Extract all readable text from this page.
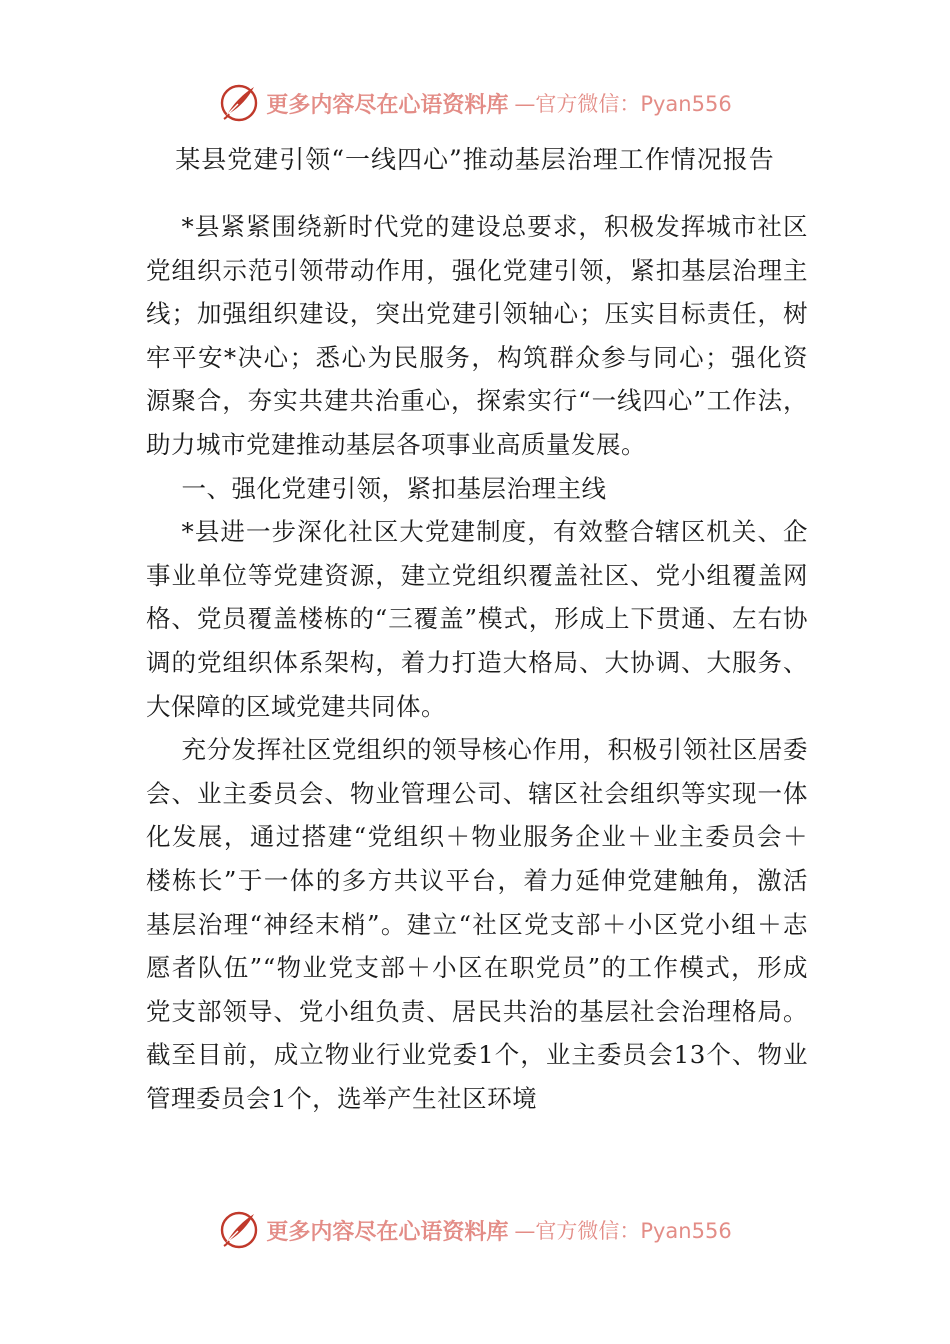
更多内容尽在心语资料库 —官方微信：Pyan556
某县党建引领“一线四心”推动基层治理工作情况报告

*县紧紧围绕新时代党的建设总要求，积极发挥城市社区党组织示范引领带动作用，强化党建引领，紧扣基层治理主线；加强组织建设，突出党建引领轴心；压实目标责任，树牢平安*决心；悉心为民服务，构筑群众参与同心；强化资源聚合，夯实共建共治重心，探索实行“一线四心”工作法，助力城市党建推动基层各项事业高质量发展。

一、强化党建引领，紧扣基层治理主线

*县进一步深化社区大党建制度，有效整合辖区机关、企事业单位等党建资源，建立党组织覆盖社区、党小组覆盖网格、党员覆盖楼栋的“三覆盖”模式，形成上下贯通、左右协调的党组织体系架构，着力打造大格局、大协调、大服务、大保障的区域党建共同体。

充分发挥社区党组织的领导核心作用，积极引领社区居委会、业主委员会、物业管理公司、辖区社会组织等实现一体化发展，通过搭建“党组织＋物业服务企业＋业主委员会＋楼栋长”于一体的多方共议平台，着力延伸党建触角，激活基层治理“神经末梢”。建立“社区党支部＋小区党小组＋志愿者队伍”“物业党支部＋小区在职党员”的工作模式，形成党支部领导、党小组负责、居民共治的基层社会治理格局。截至目前，成立物业行业党委1个，业主委员会13个、物业管理委员会1个，选举产生社区环境

更多内容尽在心语资料库 —官方微信：Pyan556
